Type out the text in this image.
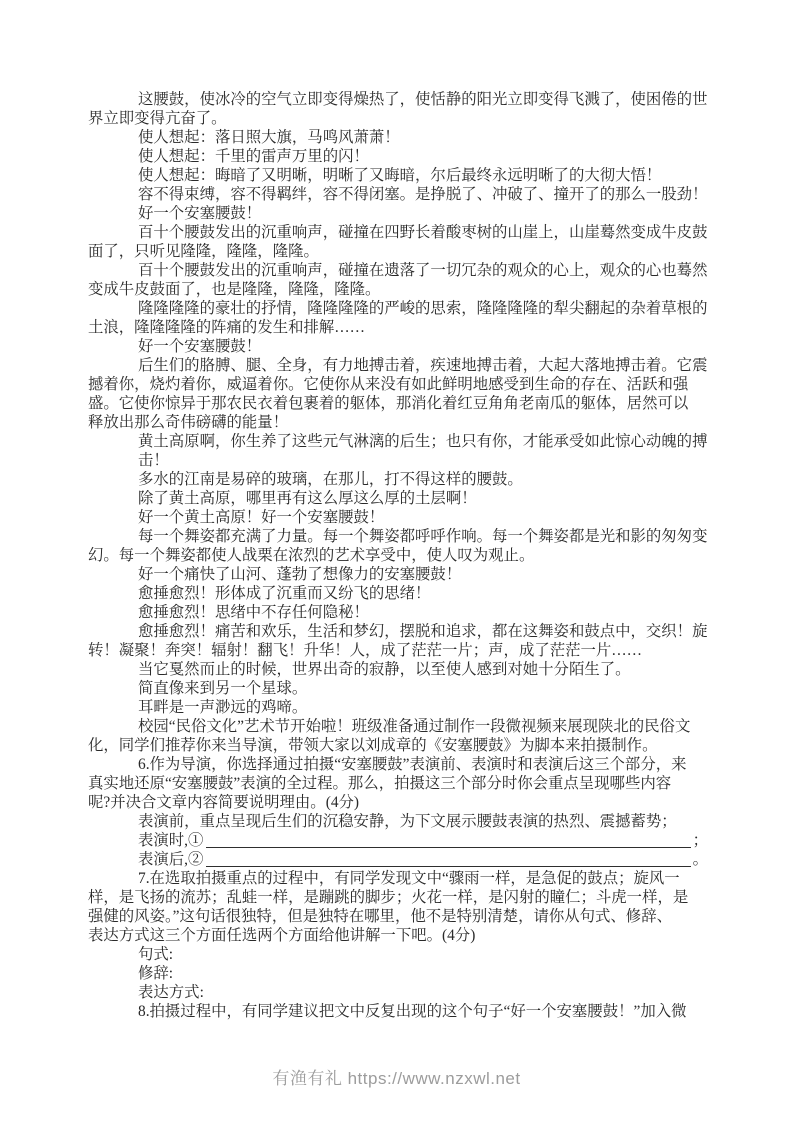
这腰鼓，使冰冷的空气立即变得燥热了，使恬静的阳光立即变得飞溅了，使困倦的世
界立即变得亢奋了。
使人想起：落日照大旗，马鸣风萧萧！
使人想起：千里的雷声万里的闪！
使人想起：晦暗了又明晰，明晰了又晦暗，尔后最终永远明晰了的大彻大悟！
容不得束缚，容不得羁绊，容不得闭塞。是挣脱了、冲破了、撞开了的那么一股劲！
好一个安塞腰鼓！
百十个腰鼓发出的沉重响声，碰撞在四野长着酸枣树的山崖上，山崖蓦然变成牛皮鼓
面了，只听见隆隆，隆隆，隆隆。
百十个腰鼓发出的沉重响声，碰撞在遗落了一切冗杂的观众的心上，观众的心也蓦然
变成牛皮鼓面了，也是隆隆，隆隆，隆隆。
隆隆隆隆的豪壮的抒情，隆隆隆隆的严峻的思索，隆隆隆隆的犁尖翻起的杂着草根的
土浪，隆隆隆隆的阵痛的发生和排解……
好一个安塞腰鼓！
后生们的胳膊、腿、全身，有力地搏击着，疾速地搏击着，大起大落地搏击着。它震
撼着你，烧灼着你，威逼着你。它使你从来没有如此鲜明地感受到生命的存在、活跃和强
盛。它使你惊异于那农民衣着包裹着的躯体，那消化着红豆角角老南瓜的躯体，居然可以
释放出那么奇伟磅礴的能量！
黄土高原啊，你生养了这些元气淋漓的后生；也只有你，才能承受如此惊心动魄的搏
击！
多水的江南是易碎的玻璃，在那儿，打不得这样的腰鼓。
除了黄土高原，哪里再有这么厚这么厚的土层啊！
好一个黄土高原！好一个安塞腰鼓！
每一个舞姿都充满了力量。每一个舞姿都呼呼作响。每一个舞姿都是光和影的匆匆变
幻。每一个舞姿都使人战栗在浓烈的艺术享受中，使人叹为观止。
好一个痛快了山河、蓬勃了想像力的安塞腰鼓！
愈捶愈烈！形体成了沉重而又纷飞的思绪！
愈捶愈烈！思绪中不存任何隐秘！
愈捶愈烈！痛苦和欢乐，生活和梦幻，摆脱和追求，都在这舞姿和鼓点中，交织！旋
转！凝聚！奔突！辐射！翻飞！升华！人，成了茫茫一片；声，成了茫茫一片……
当它戛然而止的时候，世界出奇的寂静，以至使人感到对她十分陌生了。
简直像来到另一个星球。
耳畔是一声渺远的鸡啼。
校园“民俗文化”艺术节开始啦！班级准备通过制作一段微视频来展现陕北的民俗文
化，同学们推荐你来当导演，带领大家以刘成章的《安塞腰鼓》为脚本来拍摄制作。
6.作为导演，你选择通过拍摄“安塞腰鼓”表演前、表演时和表演后这三个部分，来
真实地还原“安塞腰鼓”表演的全过程。那么，拍摄这三个部分时你会重点呈现哪些内容
呢?并决合文章内容简要说明理由。(4分)
表演前，重点呈现后生们的沉稳安静，为下文展示腰鼓表演的热烈、震撼蓄势；
表演时,①	；
表演后,②	。
7.在选取拍摄重点的过程中，有同学发现文中“骤雨一样，是急促的鼓点；旋风一
样，是飞扬的流苏；乱蛙一样，是蹦跳的脚步；火花一样，是闪射的瞳仁；斗虎一样，是
强健的风姿。”这句话很独特，但是独特在哪里，他不是特别清楚，请你从句式、修辞、
表达方式这三个方面任选两个方面给他讲解一下吧。(4分)
句式:
修辞:
表达方式:
8.拍摄过程中，有同学建议把文中反复出现的这个句子“好一个安塞腰鼓！”加入微
有渔有礼 https://www.nzxwl.net
